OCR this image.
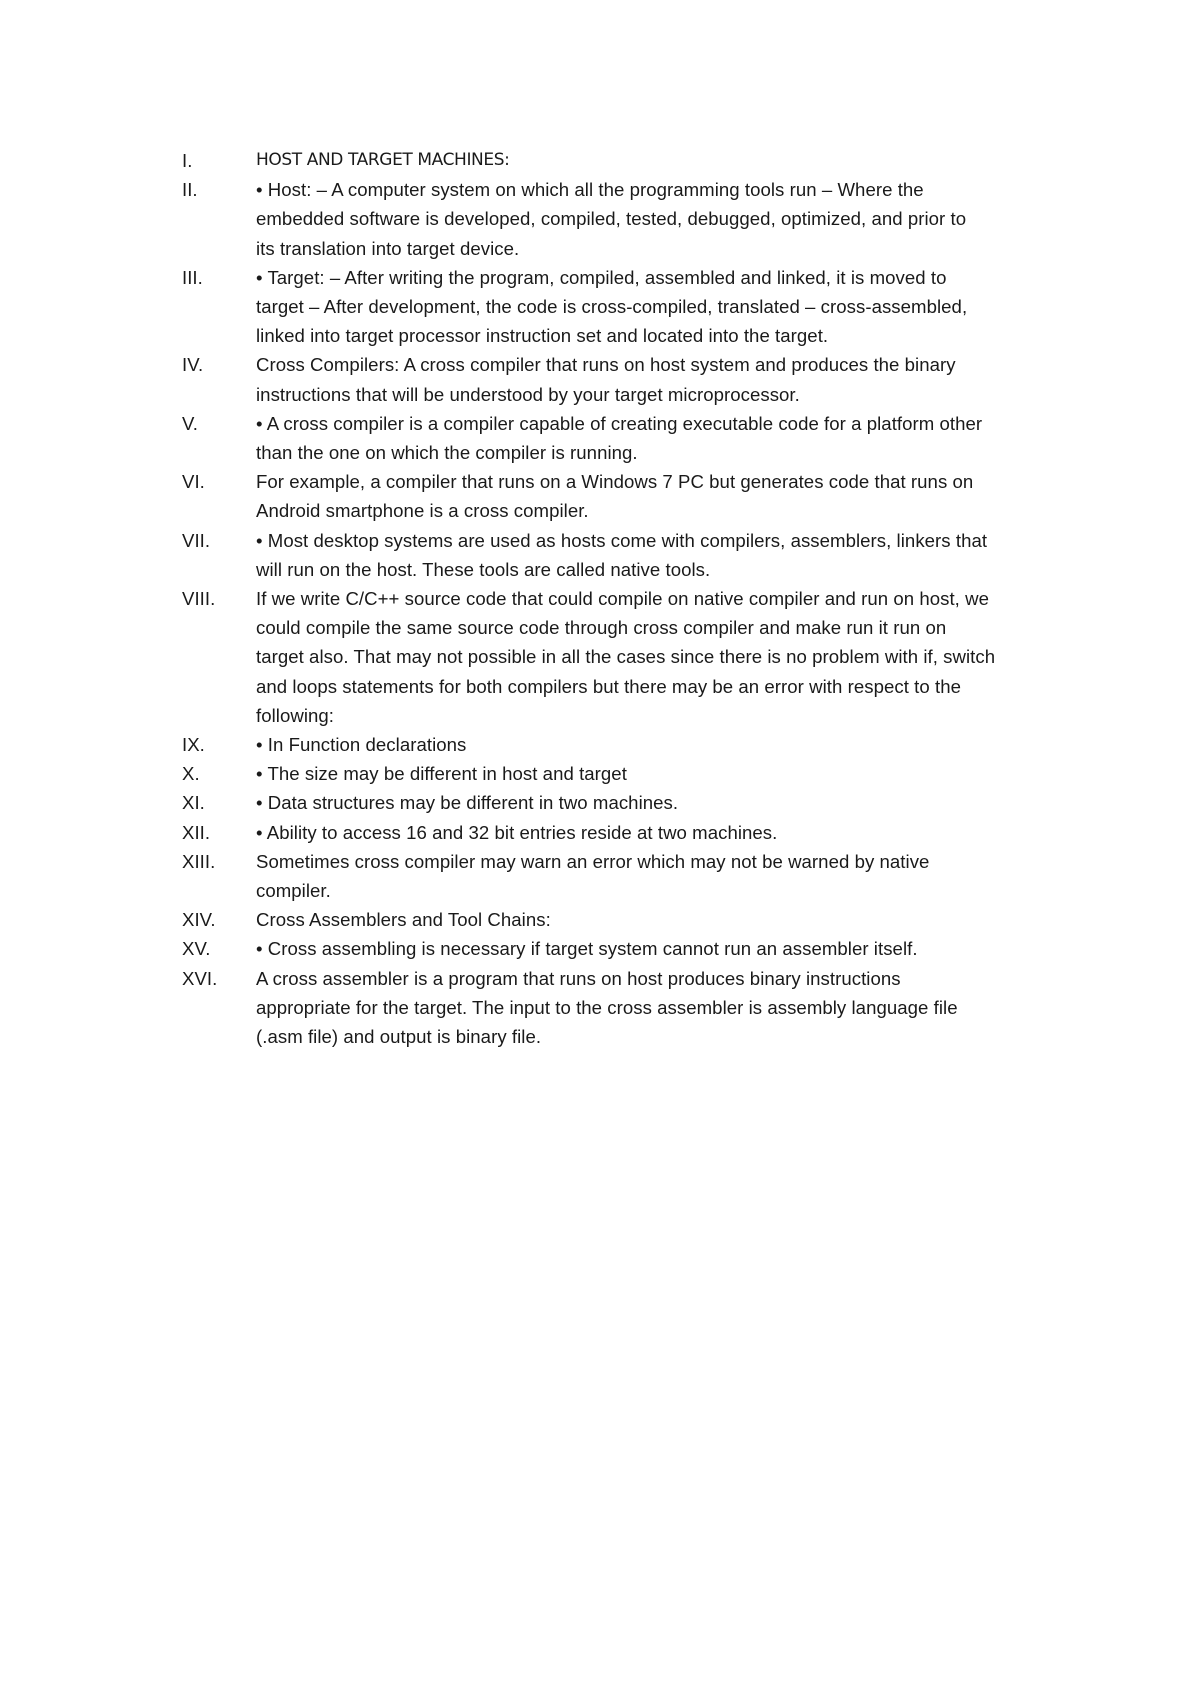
I.	HOST AND TARGET MACHINES:
II.	• Host: – A computer system on which all the programming tools run – Where the
embedded software is developed, compiled, tested, debugged, optimized, and prior to
its translation into target device.
III.	• Target: – After writing the program, compiled, assembled and linked, it is moved to
target – After development, the code is cross-compiled, translated – cross-assembled,
linked into target processor instruction set and located into the target.
IV.	Cross Compilers: A cross compiler that runs on host system and produces the binary
instructions that will be understood by your target microprocessor.
V.	• A cross compiler is a compiler capable of creating executable code for a platform other
than the one on which the compiler is running.
VI.	For example, a compiler that runs on a Windows 7 PC but generates code that runs on
Android smartphone is a cross compiler.
VII.	• Most desktop systems are used as hosts come with compilers, assemblers, linkers that
will run on the host. These tools are called native tools.
VIII.	If we write C/C++ source code that could compile on native compiler and run on host, we
could compile the same source code through cross compiler and make run it run on
target also. That may not possible in all the cases since there is no problem with if, switch
and loops statements for both compilers but there may be an error with respect to the
following:
IX.	• In Function declarations
X.	• The size may be different in host and target
XI.	• Data structures may be different in two machines.
XII.	• Ability to access 16 and 32 bit entries reside at two machines.
XIII.	Sometimes cross compiler may warn an error which may not be warned by native
compiler.
XIV.	Cross Assemblers and Tool Chains:
XV.	• Cross assembling is necessary if target system cannot run an assembler itself.
XVI.	A cross assembler is a program that runs on host produces binary instructions
appropriate for the target. The input to the cross assembler is assembly language file
(.asm file) and output is binary file.
